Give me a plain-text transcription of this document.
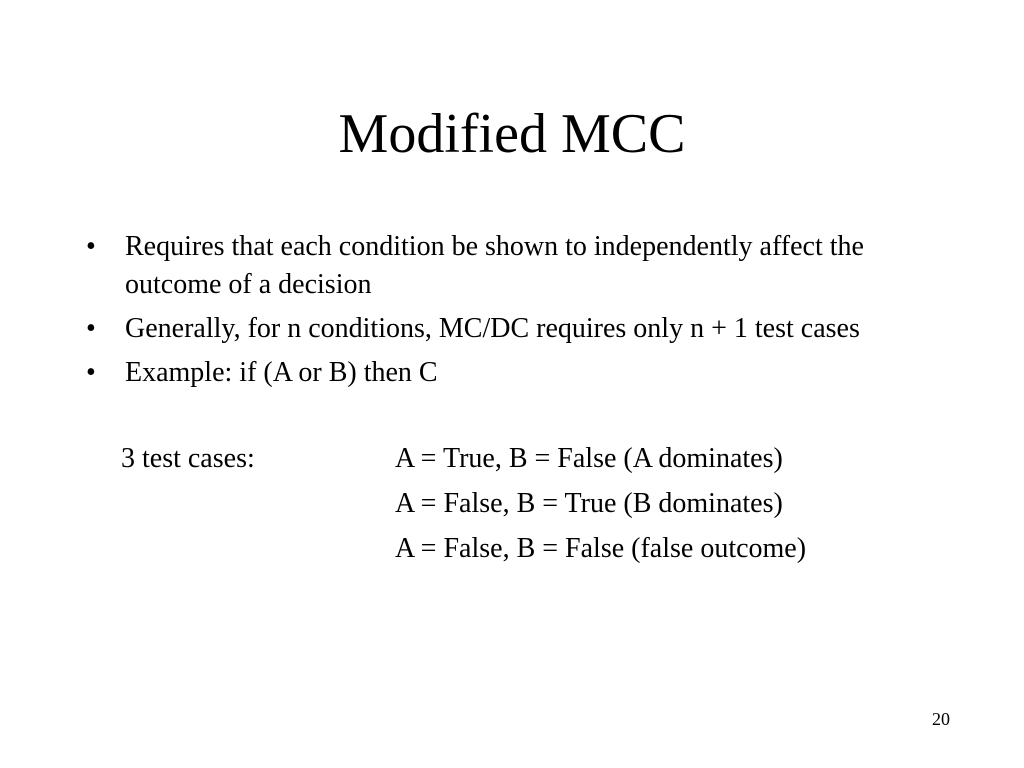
Modified MCC
•	Requires that each condition be shown to independently affect the outcome of a decision
•	Generally, for n conditions, MC/DC requires only n + 1 test cases
•	Example: if (A or B) then C
3 test cases:	A = True, B = False (A dominates)
A = False, B = True (B dominates)
A = False, B = False (false outcome)
20
